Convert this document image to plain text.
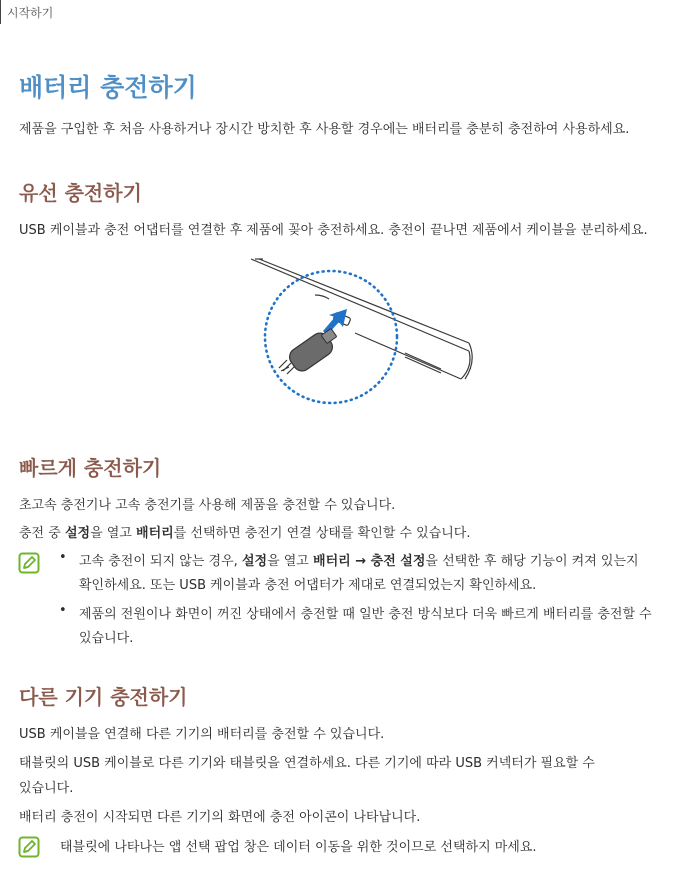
시작하기
배터리 충전하기
제품을 구입한 후 처음 사용하거나 장시간 방치한 후 사용할 경우에는 배터리를 충분히 충전하여 사용하세요.
유선 충전하기
USB 케이블과 충전 어댑터를 연결한 후 제품에 꽂아 충전하세요. 충전이 끝나면 제품에서 케이블을 분리하세요.
빠르게 충전하기
초고속 충전기나 고속 충전기를 사용해 제품을 충전할 수 있습니다.
충전 중 설정을 열고 배터리를 선택하면 충전기 연결 상태를 확인할 수 있습니다.
• 고속 충전이 되지 않는 경우, 설정을 열고 배터리 → 충전 설정을 선택한 후 해당 기능이 켜져 있는지
확인하세요. 또는 USB 케이블과 충전 어댑터가 제대로 연결되었는지 확인하세요.
• 제품의 전원이나 화면이 꺼진 상태에서 충전할 때 일반 충전 방식보다 더욱 빠르게 배터리를 충전할 수
있습니다.
다른 기기 충전하기
USB 케이블을 연결해 다른 기기의 배터리를 충전할 수 있습니다.
태블릿의 USB 케이블로 다른 기기와 태블릿을 연결하세요. 다른 기기에 따라 USB 커넥터가 필요할 수
있습니다.
배터리 충전이 시작되면 다른 기기의 화면에 충전 아이콘이 나타납니다.
태블릿에 나타나는 앱 선택 팝업 창은 데이터 이동을 위한 것이므로 선택하지 마세요.
